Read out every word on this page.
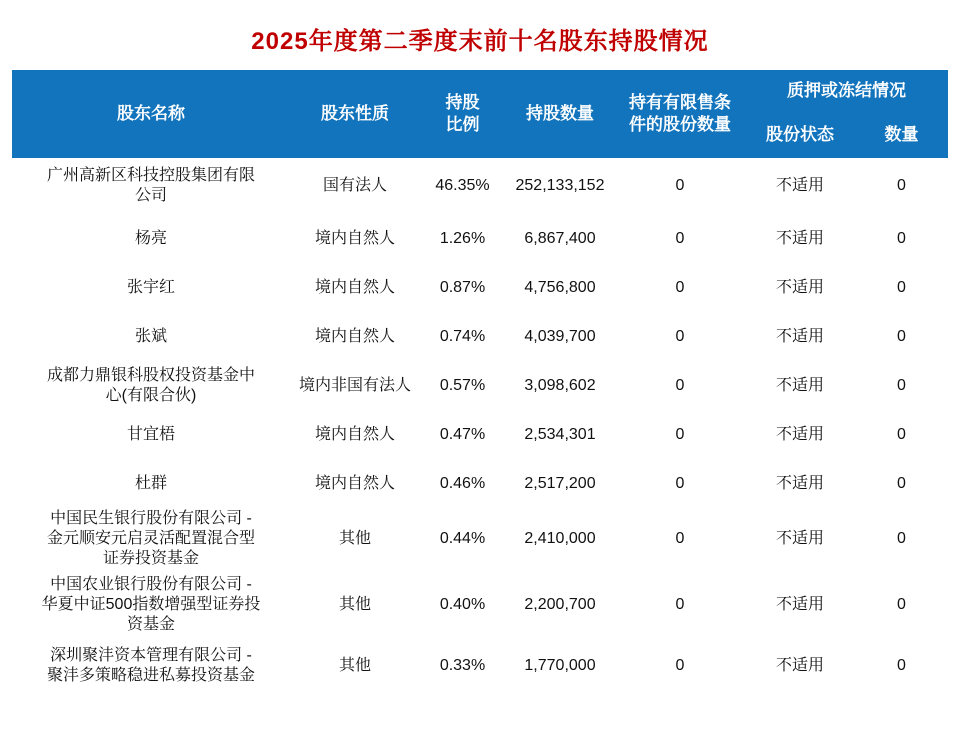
2025年度第二季度末前十名股东持股情况
股东名称	股东性质	持股比例	持股数量	持有有限售条件的股份数量	质押或冻结情况	
					股份状态	数量
广州高新区科技控股集团有限公司	国有法人	46.35%	252,133,152	0	不适用	0
杨亮	境内自然人	1.26%	6,867,400	0	不适用	0
张宇红	境内自然人	0.87%	4,756,800	0	不适用	0
张斌	境内自然人	0.74%	4,039,700	0	不适用	0
成都力鼎银科股权投资基金中心(有限合伙)	境内非国有法人	0.57%	3,098,602	0	不适用	0
甘宜梧	境内自然人	0.47%	2,534,301	0	不适用	0
杜群	境内自然人	0.46%	2,517,200	0	不适用	0
中国民生银行股份有限公司 - 金元顺安元启灵活配置混合型证券投资基金	其他	0.44%	2,410,000	0	不适用	0
中国农业银行股份有限公司 - 华夏中证500指数增强型证券投资基金	其他	0.40%	2,200,700	0	不适用	0
深圳聚沣资本管理有限公司 - 聚沣多策略稳进私募投资基金	其他	0.33%	1,770,000	0	不适用	0
